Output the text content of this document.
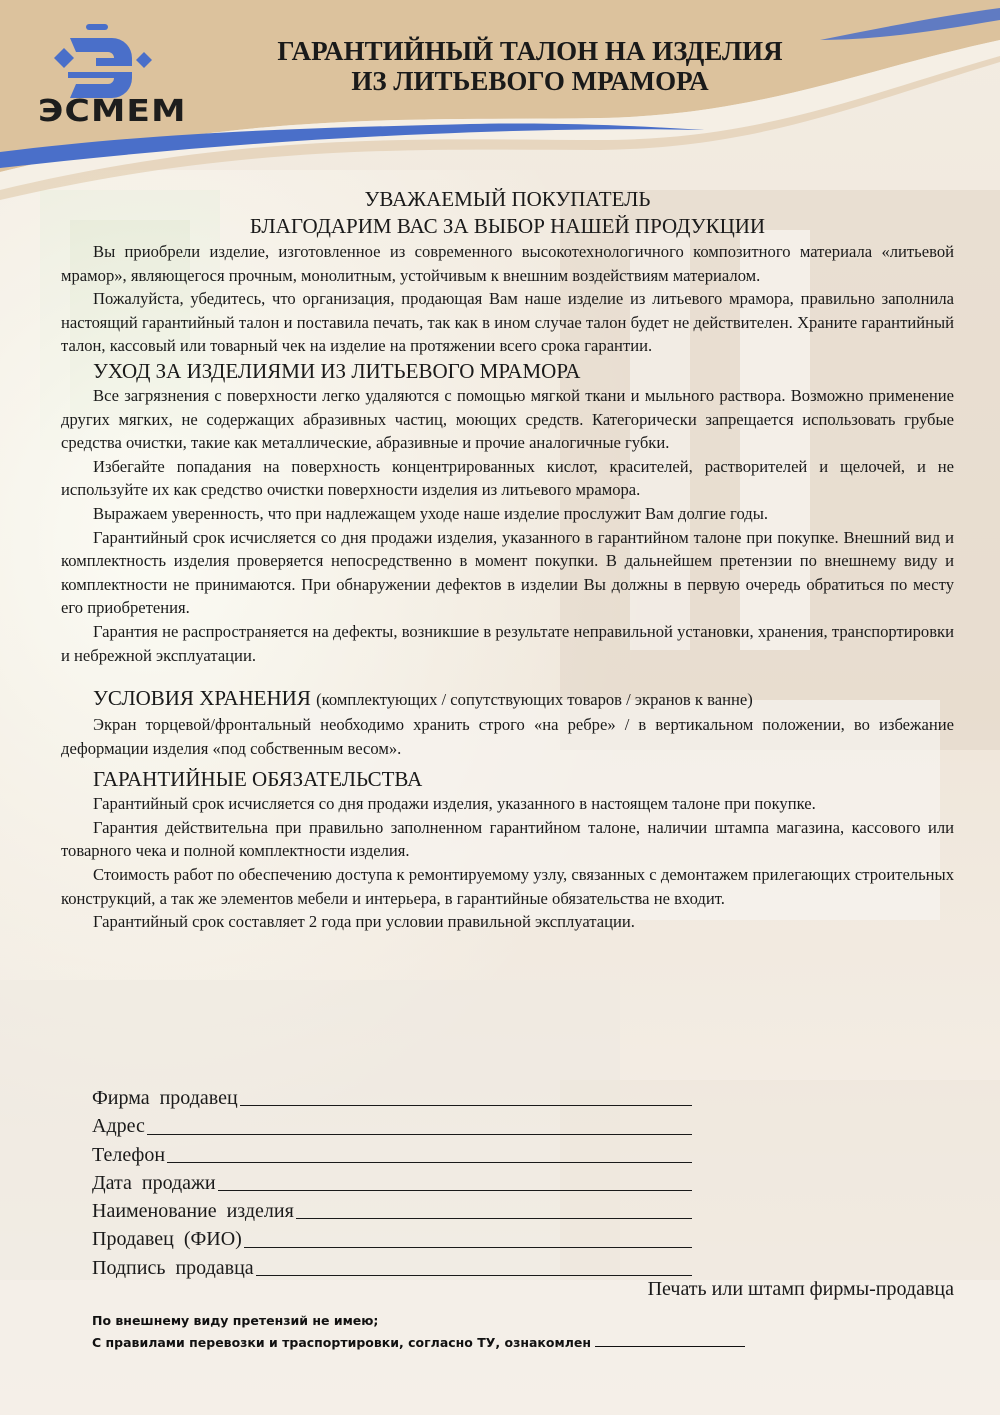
ЭСМЕМ
ГАРАНТИЙНЫЙ ТАЛОН НА ИЗДЕЛИЯ
ИЗ ЛИТЬЕВОГО МРАМОРА
УВАЖАЕМЫЙ ПОКУПАТЕЛЬ
БЛАГОДАРИМ ВАС ЗА ВЫБОР НАШЕЙ ПРОДУКЦИИ

Вы приобрели изделие, изготовленное из современного высокотехнологичного композитного материала «литьевой мрамор», являющегося прочным, монолитным, устойчивым к внешним воздействиям материалом.

Пожалуйста, убедитесь, что организация, продающая Вам наше изделие из литьевого мрамора, правильно заполнила настоящий гарантийный талон и поставила печать, так как в ином случае талон будет не действителен. Храните гарантийный талон, кассовый или товарный чек на изделие на протяжении всего срока гарантии.

УХОД ЗА ИЗДЕЛИЯМИ ИЗ ЛИТЬЕВОГО МРАМОРА

Все загрязнения с поверхности легко удаляются с помощью мягкой ткани и мыльного раствора. Возможно применение других мягких, не содержащих абразивных частиц, моющих средств. Категорически запрещается использовать грубые средства очистки, такие как металлические, абразивные и прочие аналогичные губки.

Избегайте попадания на поверхность концентрированных кислот, красителей, растворителей и щелочей, и не используйте их как средство очистки поверхности изделия из литьевого мрамора.

Выражаем уверенность, что при надлежащем уходе наше изделие прослужит Вам долгие годы.

Гарантийный срок исчисляется со дня продажи изделия, указанного в гарантийном талоне при покупке. Внешний вид и комплектность изделия проверяется непосредственно в момент покупки. В дальнейшем претензии по внешнему виду и комплектности не принимаются. При обнаружении дефектов в изделии Вы должны в первую очередь обратиться по месту его приобретения.

Гарантия не распространяется на дефекты, возникшие в результате неправильной установки, хранения, транспортировки и небрежной эксплуатации.

УСЛОВИЯ ХРАНЕНИЯ (комплектующих / сопутствующих товаров / экранов к ванне)

Экран торцевой/фронтальный необходимо хранить строго «на ребре» / в вертикальном положении, во избежание деформации изделия «под собственным весом».

ГАРАНТИЙНЫЕ ОБЯЗАТЕЛЬСТВА

Гарантийный срок исчисляется со дня продажи изделия, указанного в настоящем талоне при покупке.

Гарантия действительна при правильно заполненном гарантийном талоне, наличии штампа магазина, кассового или товарного чека и полной комплектности изделия.

Стоимость работ по обеспечению доступа к ремонтируемому узлу, связанных с демонтажем прилегающих строительных конструкций, а так же элементов мебели и интерьера, в гарантийные обязательства не входит.

Гарантийный срок составляет 2 года при условии правильной эксплуатации.

Фирма  продавец
Адрес
Телефон
Дата  продажи
Наименование  изделия
Продавец  (ФИО)
Подпись  продавца
Печать или штамп фирмы-продавца
По внешнему виду претензий не имею;
С правилами перевозки и траспортировки, согласно ТУ, ознакомлен
